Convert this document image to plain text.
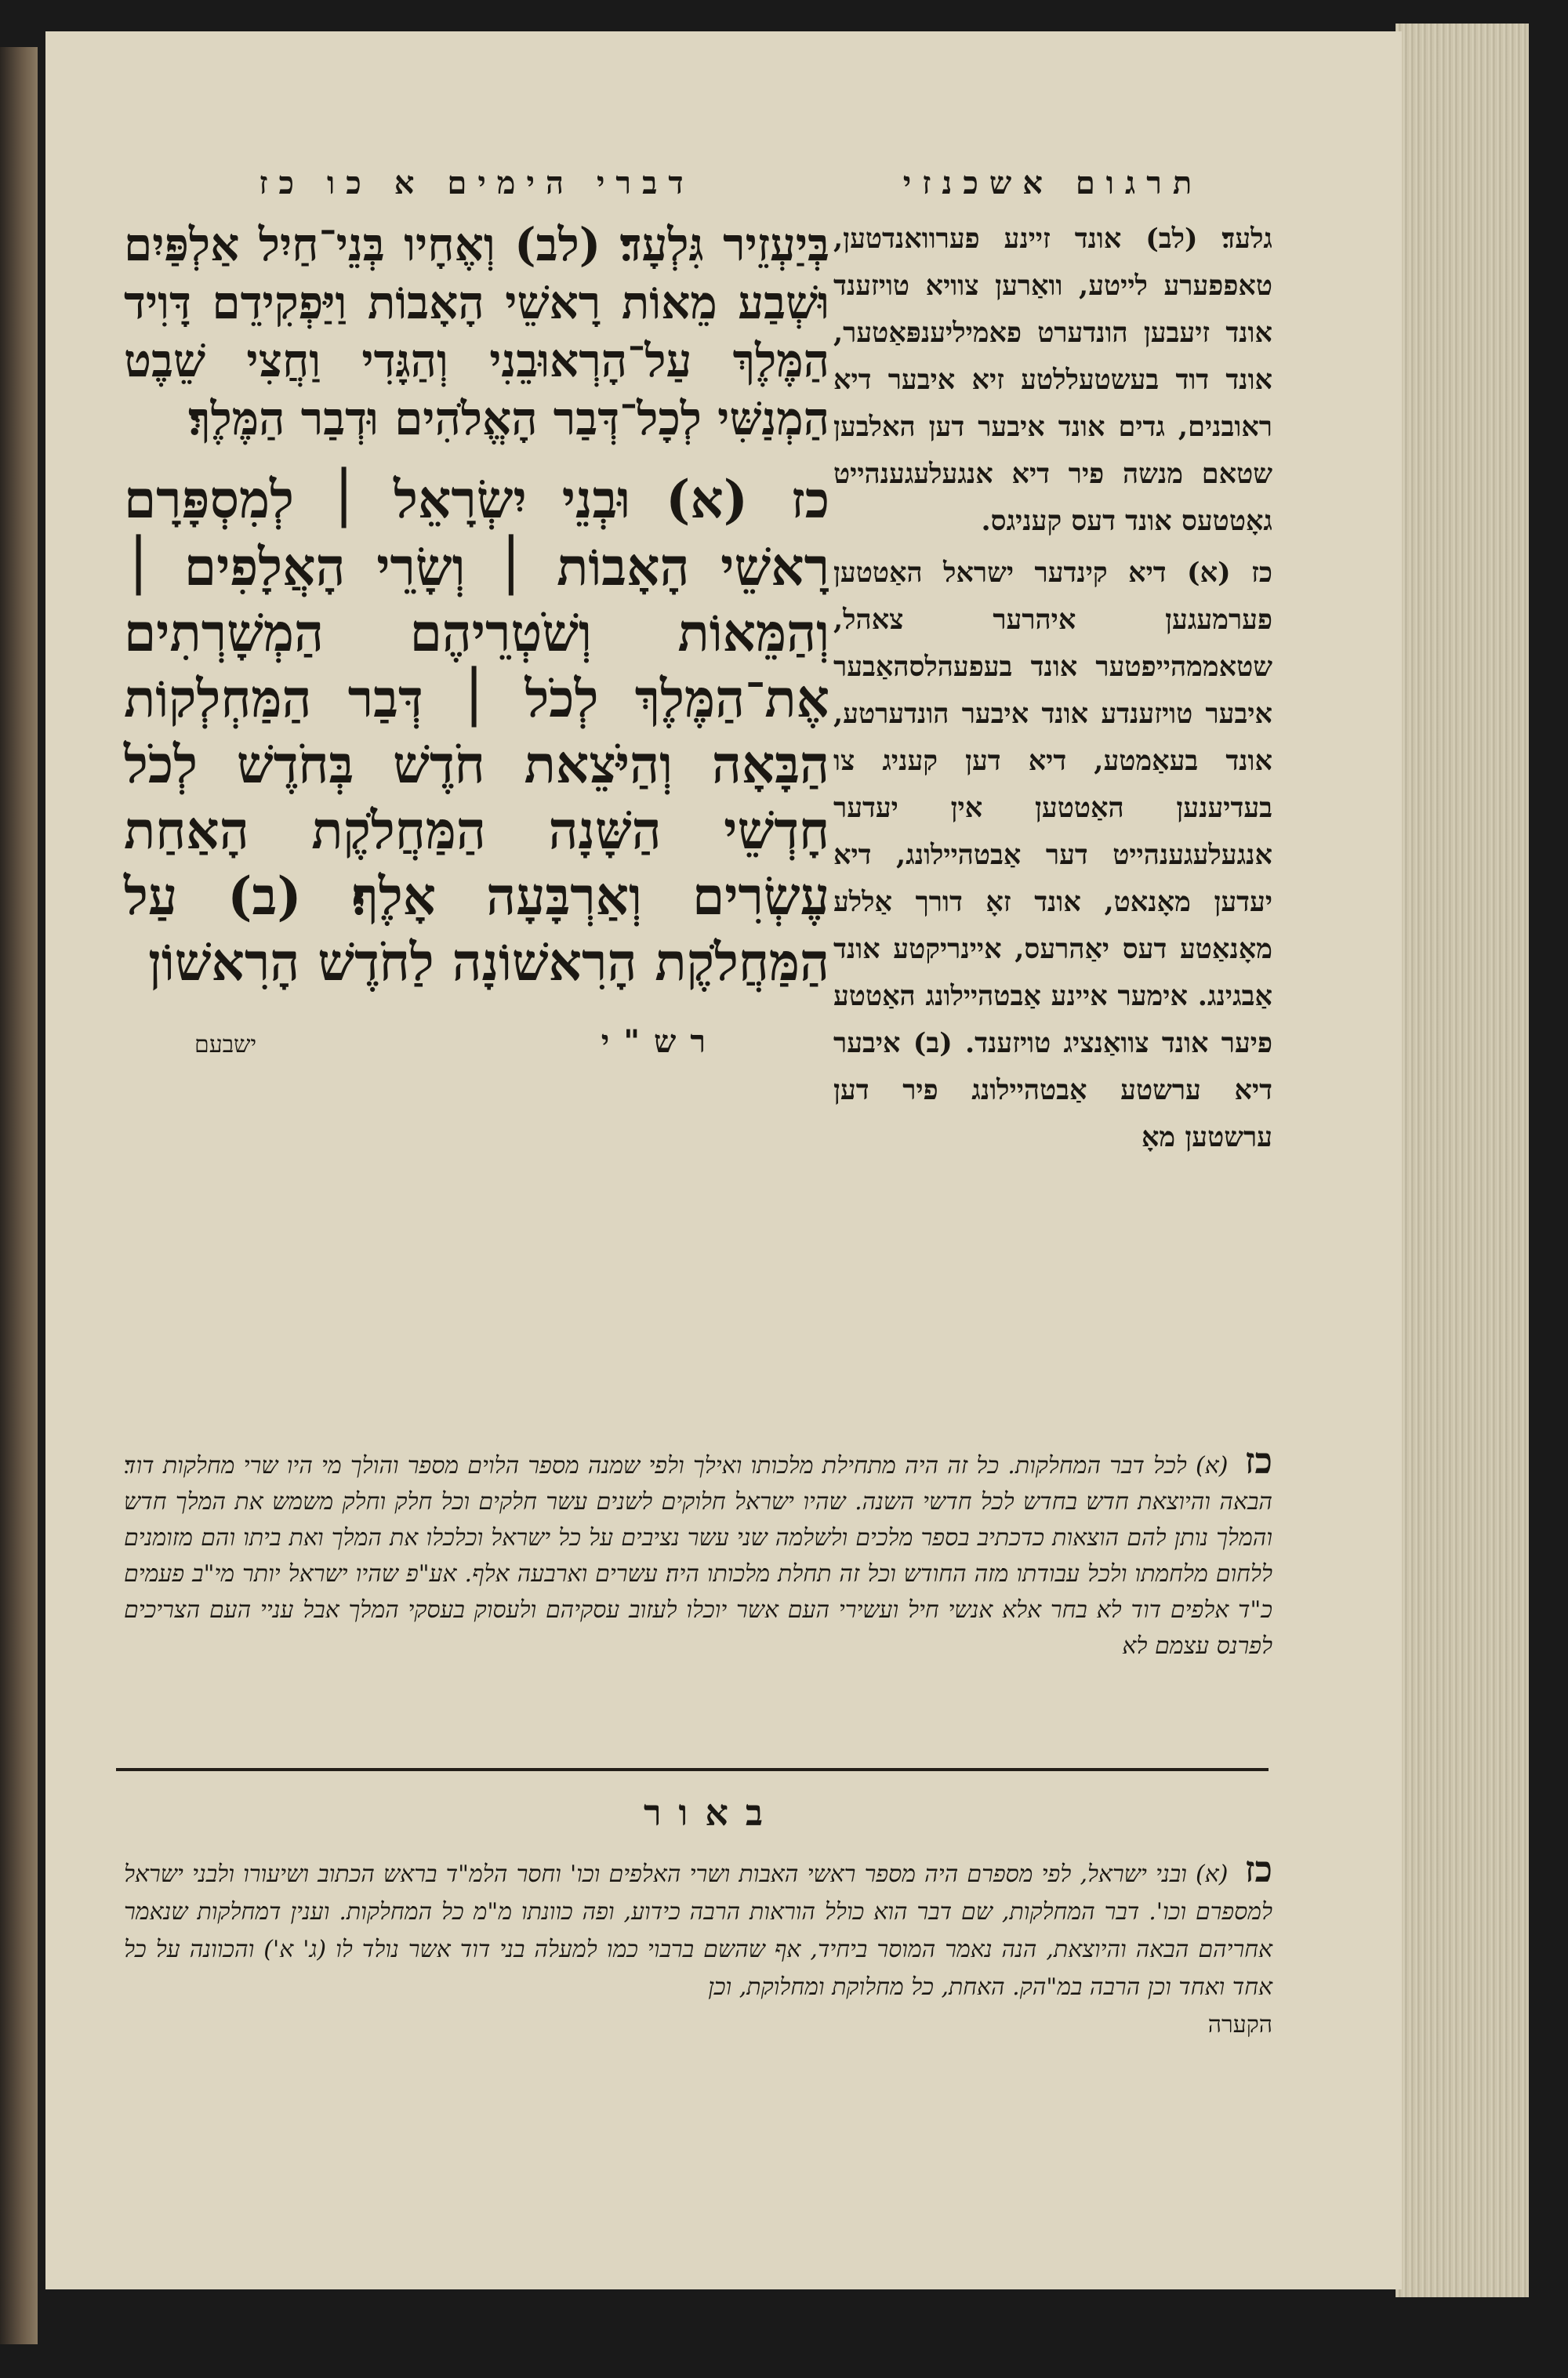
דברי הימים א כו כז
בְּיַעְזֵיר גִּלְעָד׃ (לב) וְאֶחָיו בְּנֵי־חַיִל אַלְפַּיִם וּשְׁבַע מֵאוֹת רָאשֵׁי הָאָבוֹת וַיַּפְקִידֵם דָּוִיד הַמֶּלֶךְ עַל־הָרְאוּבֵנִי וְהַגָּדִי וַחֲצִי שֵׁבֶט הַמְנַשִּׁי לְכָל־דְּבַר הָאֱלֹהִים וּדְבַר הַמֶּלֶךְ׃
כז (א) וּבְנֵי יִשְׂרָאֵל ׀ לְמִסְפָּרָם רָאשֵׁי הָאָבוֹת ׀ וְשָׂרֵי הָאֲלָפִים ׀ וְהַמֵּאוֹת וְשֹׁטְרֵיהֶם הַמְשָׁרְתִים אֶת־הַמֶּלֶךְ לְכֹל ׀ דְּבַר הַמַּחְלְקוֹת הַבָּאָה וְהַיֹּצֵאת חֹדֶשׁ בְּחֹדֶשׁ לְכֹל חָדְשֵׁי הַשָּׁנָה הַמַּחֲלֹקֶת הָאַחַת עֶשְׂרִים וְאַרְבָּעָה אָלֶף׃ (ב) עַל הַמַּחֲלֹקֶת הָרִאשׁוֹנָה לַחֹדֶשׁ הָרִאשׁוֹן
רש"י
ישבעם
תרגום אשכנזי

גלעד׃ (לב) אונד זיינע פערוואנדטען, טאפפערע לייטע, וואַרען צוויא טויזענד אונד זיעבען הונדערט פאמיליענפּאַטער, אונד דוד בעשטעללטע זיא איבער דיא ראובנים, גדים אונד איבער דען האלבען שטאם מנשה פיר דיא אנגעלעגענהייט גאָטטעס אונד דעס קעניגס.

כז (א) דיא קינדער ישראל האַטטען פערמעגען איהרער צאהל, שטאממהייפטער אונד בעפעהלסהאַבער איבער טויזענדע אונד איבער הונדערטע, אונד בעאַמטע, דיא דען קעניג צו בעדיענען האַטטען אין יעדער אנגעלעגענהייט דער אַבטהיילונג, דיא יעדען מאָנאט, אונד זאָ דורך אַללע מאָנאַטע דעס יאַהרעס, איינריקטע אונד אַבגינג. אימער איינע אַבטהיילונג האַטטע פיער אונד צוואַנציג טויזענד. (ב) איבער דיא ערשטע אַבטהיילונג פיר דען ערשטען מאָ

כז (א) לכל דבר המחלקות. כל זה היה מתחילת מלכותו ואילך ולפי שמנה מספר הלוים מספר והולך מי היו שרי מחלקות דוד׃ הבאה והיוצאת חדש בחדש לכל חדשי השנה. שהיו ישראל חלוקים לשנים עשר חלקים וכל חלק וחלק משמש את המלך חדש והמלך נותן להם הוצאות כדכתיב בספר מלכים ולשלמה שני עשר נציבים על כל ישראל וכלכלו את המלך ואת ביתו והם מזומנים ללחום מלחמתו ולכל עבודתו מזה החודש וכל זה תחלת מלכותו היה׃ עשרים וארבעה אלף. אע"פ שהיו ישראל יותר מי"ב פעמים כ"ד אלפים דוד לא בחר אלא אנשי חיל ועשירי העם אשר יוכלו לעזוב עסקיהם ולעסוק בעסקי המלך אבל עניי העם הצריכים לפרנס עצמם לא
באור
כז (א) ובני ישראל, לפי מספרם היה מספר ראשי האבות ושרי האלפים וכו' וחסר הלמ"ד בראש הכתוב ושיעורו ולבני ישראל למספרם וכו'. דבר המחלקות, שם דבר הוא כולל הוראות הרבה כידוע, ופה כוונתו מ"מ כל המחלקות. וענין דמחלקות שנאמר אחריהם הבאה והיוצאת, הנה נאמר המוסר ביחיד, אף שהשם ברבוי כמו למעלה בני דוד אשר נולד לו (ג' א') והכוונה על כל אחד ואחד וכן הרבה במ"הק. האחת, כל מחלוקת ומחלוקת, וכן
הקערה
